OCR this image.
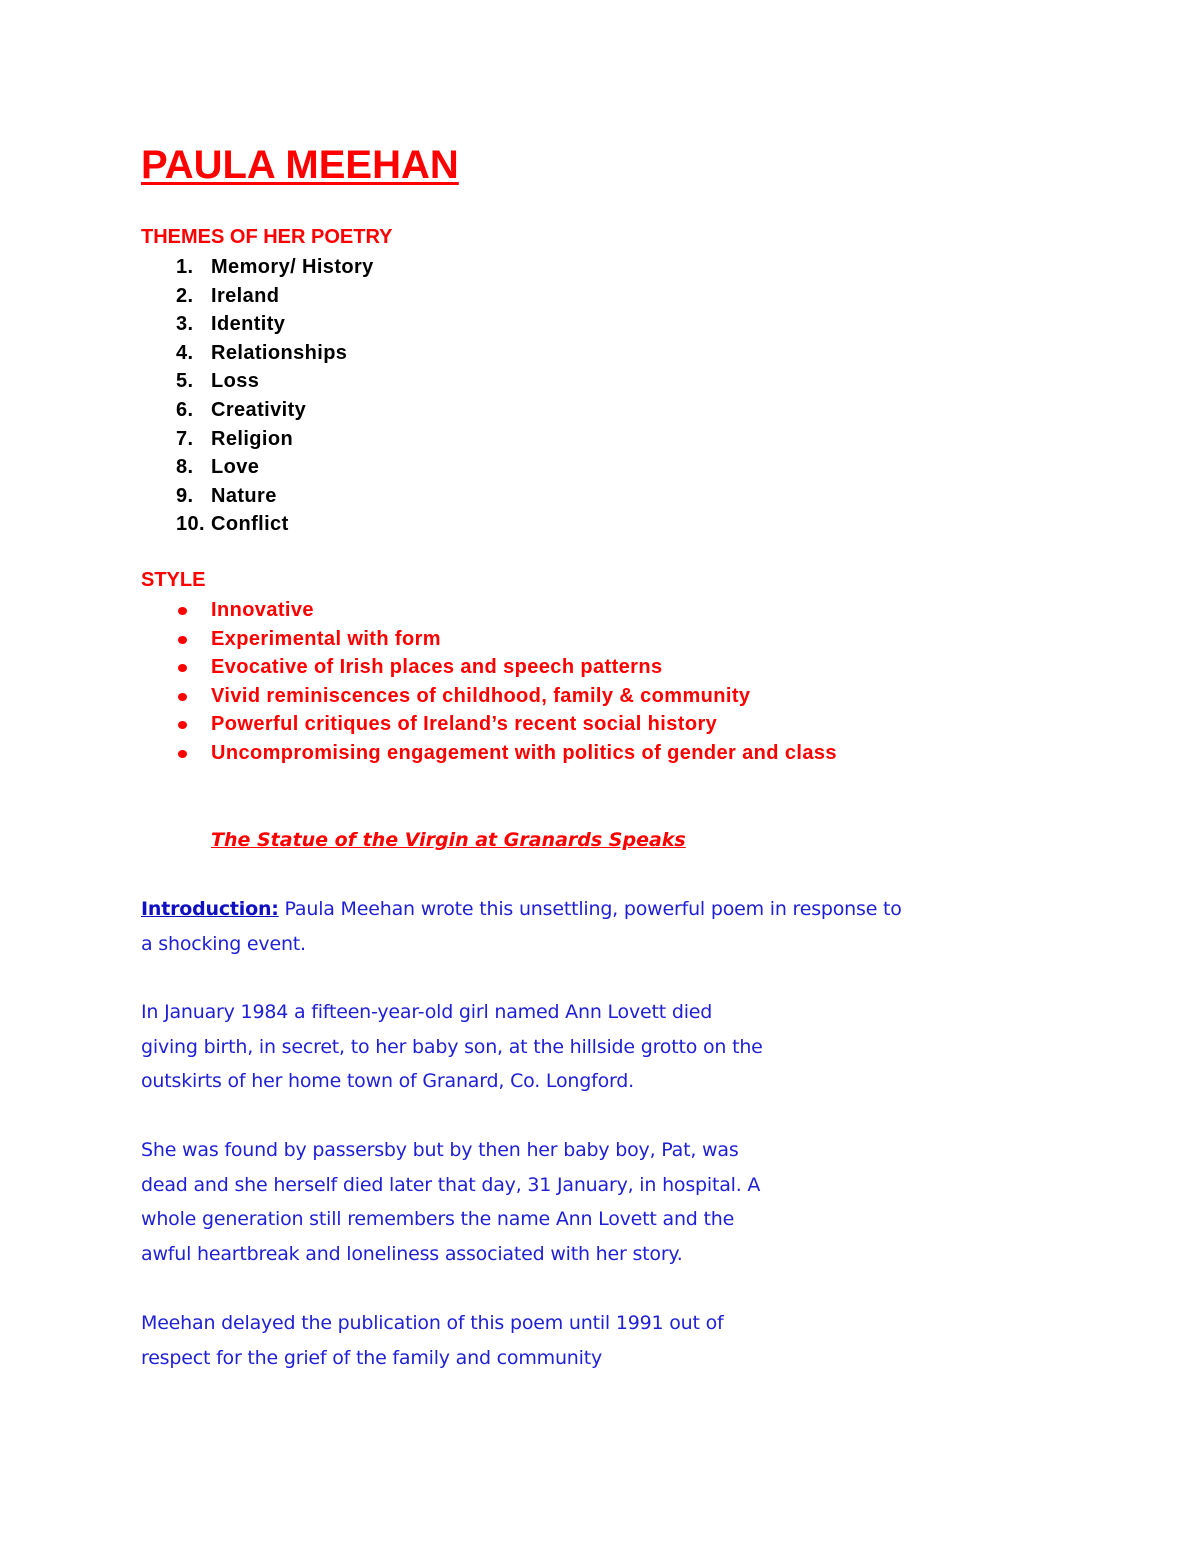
PAULA MEEHAN
THEMES OF HER POETRY
1. Memory/ History
2. Ireland
3. Identity
4. Relationships
5. Loss
6. Creativity
7. Religion
8. Love
9. Nature
10. Conflict
STYLE
Innovative
Experimental with form
Evocative of Irish places and speech patterns
Vivid reminiscences of childhood, family & community
Powerful critiques of Ireland’s recent social history
Uncompromising engagement with politics of gender and class
The Statue of the Virgin at Granards Speaks

Introduction: Paula Meehan wrote this unsettling, powerful poem in response to
a shocking event.

In January 1984 a fifteen-year-old girl named Ann Lovett died
giving birth, in secret, to her baby son, at the hillside grotto on the
outskirts of her home town of Granard, Co. Longford.

She was found by passersby but by then her baby boy, Pat, was
dead and she herself died later that day, 31 January, in hospital. A
whole generation still remembers the name Ann Lovett and the
awful heartbreak and loneliness associated with her story.

Meehan delayed the publication of this poem until 1991 out of
respect for the grief of the family and community
